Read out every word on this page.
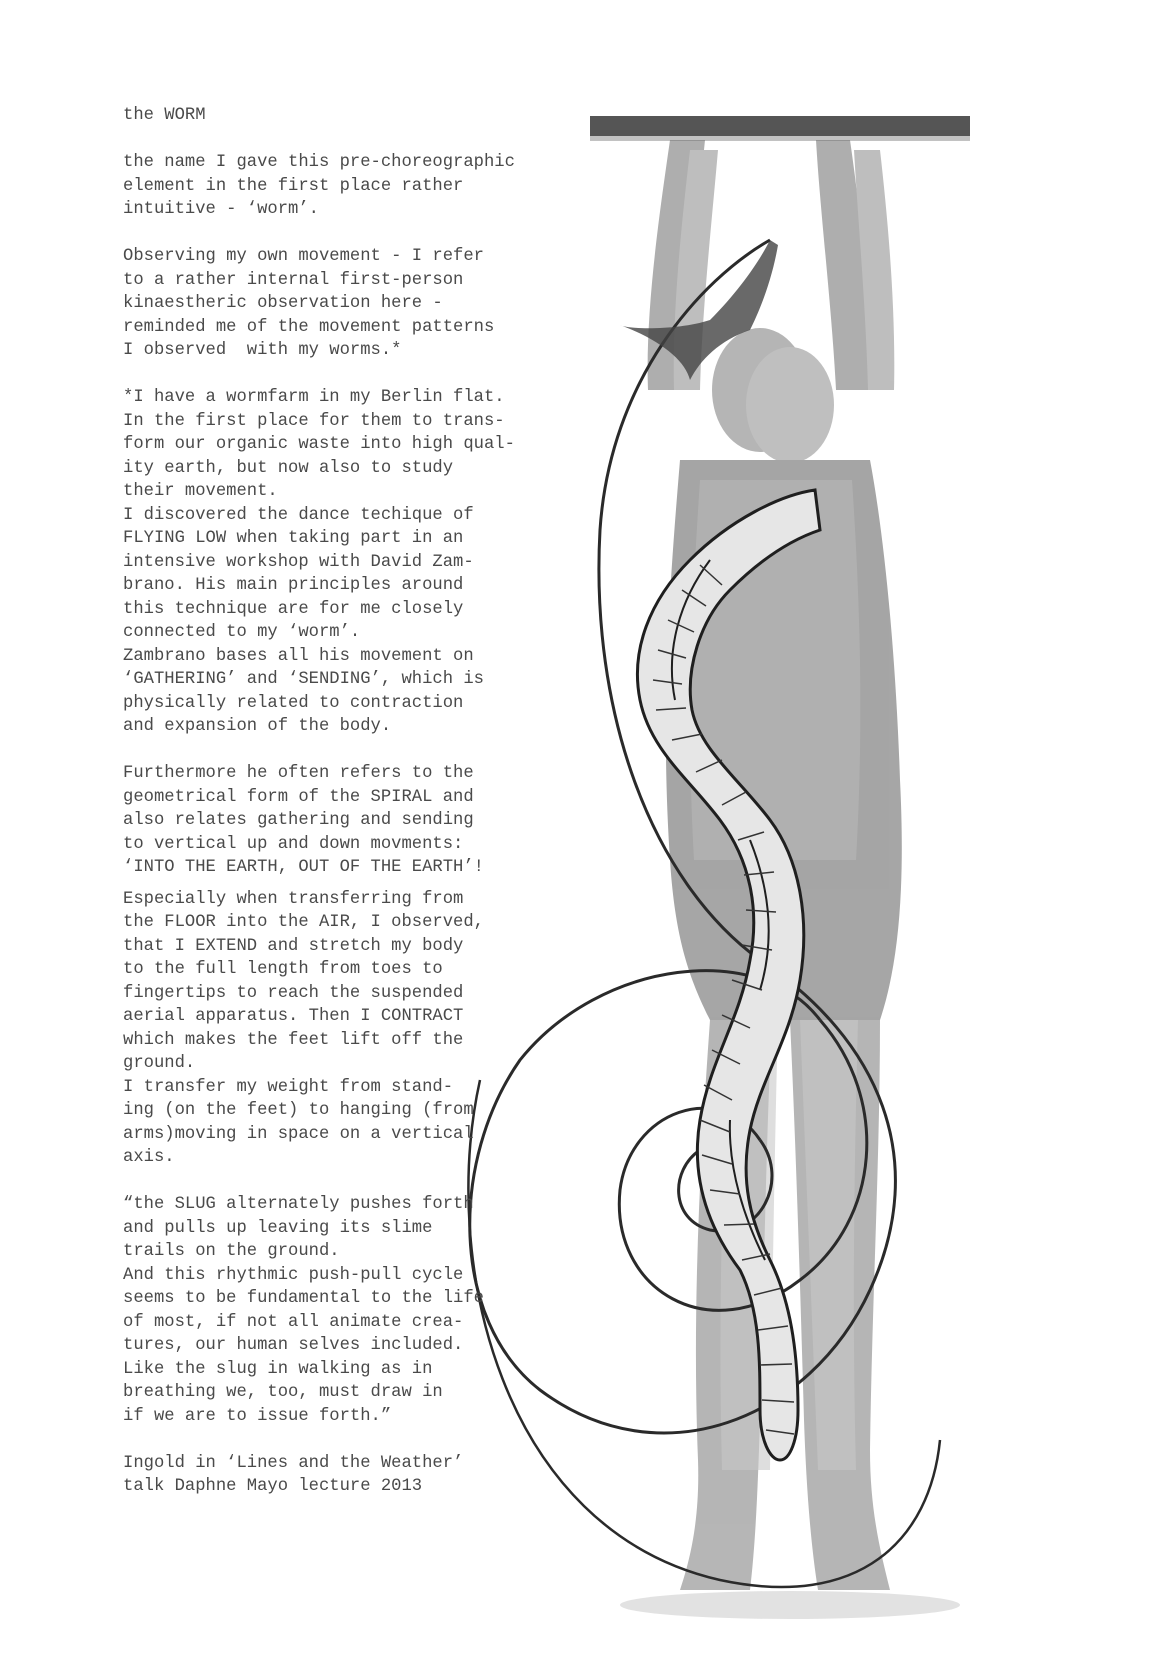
the WORM
the name I gave this pre-choreographic
element in the first place rather
intuitive - ‘worm’.
Observing my own movement - I refer
to a rather internal first-person
kinaestheric observation here -
reminded me of the movement patterns
I observed  with my worms.*
*I have a wormfarm in my Berlin flat.
In the first place for them to trans-
form our organic waste into high qual-
ity earth, but now also to study
their movement.
I discovered the dance techique of
FLYING LOW when taking part in an
intensive workshop with David Zam-
brano. His main principles around
this technique are for me closely
connected to my ‘worm’.
Zambrano bases all his movement on
‘GATHERING’ and ‘SENDING’, which is
physically related to contraction
and expansion of the body.
Furthermore he often refers to the
geometrical form of the SPIRAL and
also relates gathering and sending
to vertical up and down movments:
‘INTO THE EARTH, OUT OF THE EARTH’!
Especially when transferring from
the FLOOR into the AIR, I observed,
that I EXTEND and stretch my body
to the full length from toes to
fingertips to reach the suspended
aerial apparatus. Then I CONTRACT
which makes the feet lift off the
ground.
I transfer my weight from stand-
ing (on the feet) to hanging (from
arms)moving in space on a vertical
axis.
“the SLUG alternately pushes forth
and pulls up leaving its slime
trails on the ground.
And this rhythmic push-pull cycle
seems to be fundamental to the life
of most, if not all animate crea-
tures, our human selves included.
Like the slug in walking as in
breathing we, too, must draw in
if we are to issue forth.”
Ingold in ‘Lines and the Weather’
talk Daphne Mayo lecture 2013
